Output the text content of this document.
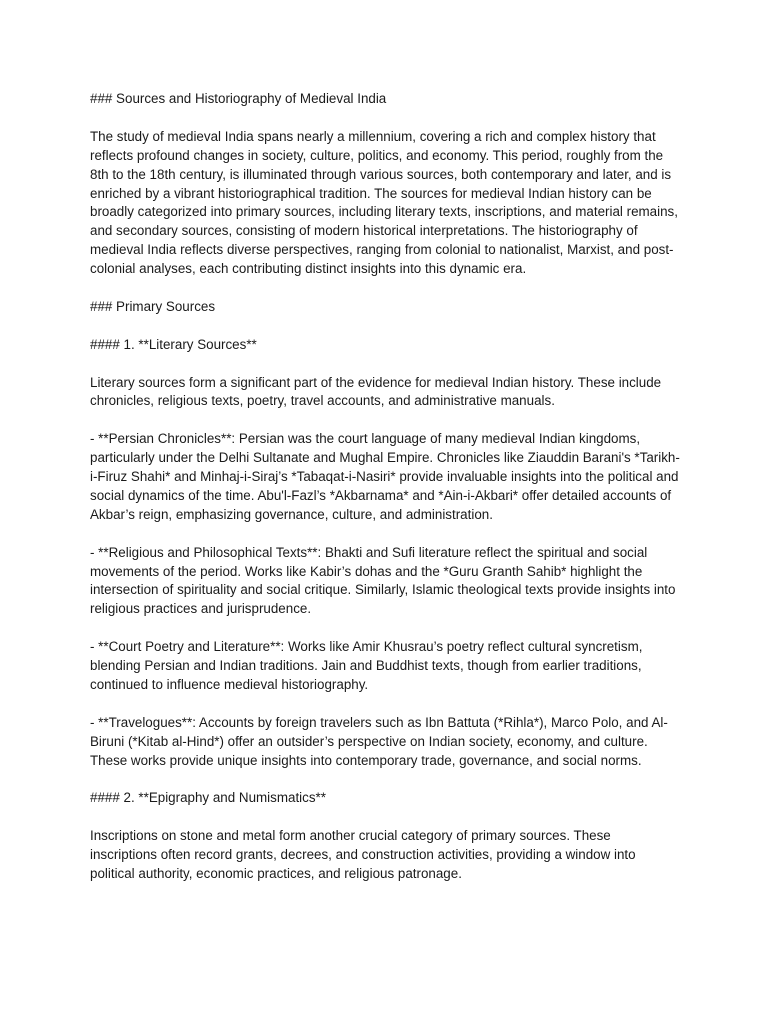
### Sources and Historiography of Medieval India

The study of medieval India spans nearly a millennium, covering a rich and complex history that reflects profound changes in society, culture, politics, and economy. This period, roughly from the 8th to the 18th century, is illuminated through various sources, both contemporary and later, and is enriched by a vibrant historiographical tradition. The sources for medieval Indian history can be broadly categorized into primary sources, including literary texts, inscriptions, and material remains, and secondary sources, consisting of modern historical interpretations. The historiography of medieval India reflects diverse perspectives, ranging from colonial to nationalist, Marxist, and post-colonial analyses, each contributing distinct insights into this dynamic era.

### Primary Sources

#### 1. **Literary Sources**

Literary sources form a significant part of the evidence for medieval Indian history. These include chronicles, religious texts, poetry, travel accounts, and administrative manuals.

- **Persian Chronicles**: Persian was the court language of many medieval Indian kingdoms, particularly under the Delhi Sultanate and Mughal Empire. Chronicles like Ziauddin Barani's *Tarikh-i-Firuz Shahi* and Minhaj-i-Siraj’s *Tabaqat-i-Nasiri* provide invaluable insights into the political and social dynamics of the time. Abu'l-Fazl’s *Akbarnama* and *Ain-i-Akbari* offer detailed accounts of Akbar’s reign, emphasizing governance, culture, and administration.

- **Religious and Philosophical Texts**: Bhakti and Sufi literature reflect the spiritual and social movements of the period. Works like Kabir’s dohas and the *Guru Granth Sahib* highlight the intersection of spirituality and social critique. Similarly, Islamic theological texts provide insights into religious practices and jurisprudence.

- **Court Poetry and Literature**: Works like Amir Khusrau’s poetry reflect cultural syncretism, blending Persian and Indian traditions. Jain and Buddhist texts, though from earlier traditions, continued to influence medieval historiography.

- **Travelogues**: Accounts by foreign travelers such as Ibn Battuta (*Rihla*), Marco Polo, and Al-Biruni (*Kitab al-Hind*) offer an outsider’s perspective on Indian society, economy, and culture. These works provide unique insights into contemporary trade, governance, and social norms.

#### 2. **Epigraphy and Numismatics**

Inscriptions on stone and metal form another crucial category of primary sources. These inscriptions often record grants, decrees, and construction activities, providing a window into political authority, economic practices, and religious patronage.
